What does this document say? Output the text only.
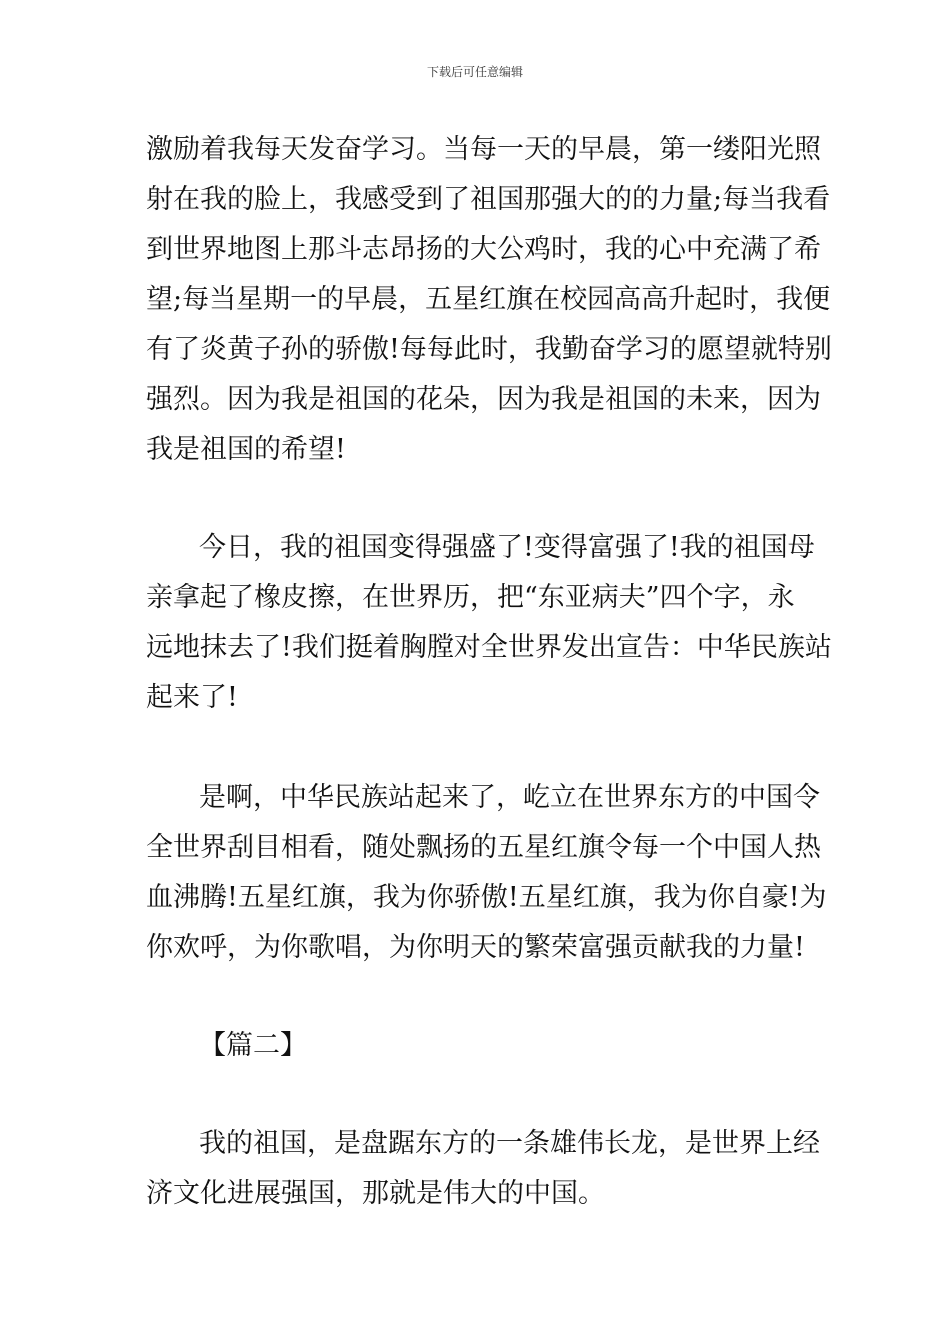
下载后可任意编辑
激励着我每天发奋学习。当每一天的早晨，第一缕阳光照
射在我的脸上，我感受到了祖国那强大的的力量;每当我看
到世界地图上那斗志昂扬的大公鸡时，我的心中充满了希
望;每当星期一的早晨，五星红旗在校园高高升起时，我便
有了炎黄子孙的骄傲!每每此时，我勤奋学习的愿望就特别
强烈。因为我是祖国的花朵，因为我是祖国的未来，因为
我是祖国的希望!
今日，我的祖国变得强盛了!变得富强了!我的祖国母
亲拿起了橡皮擦，在世界历，把“东亚病夫”四个字，永
远地抹去了!我们挺着胸膛对全世界发出宣告：中华民族站
起来了!
是啊，中华民族站起来了，屹立在世界东方的中国令
全世界刮目相看，随处飘扬的五星红旗令每一个中国人热
血沸腾!五星红旗，我为你骄傲!五星红旗，我为你自豪!为
你欢呼，为你歌唱，为你明天的繁荣富强贡献我的力量!
【篇二】
我的祖国，是盘踞东方的一条雄伟长龙，是世界上经
济文化进展强国，那就是伟大的中国。
